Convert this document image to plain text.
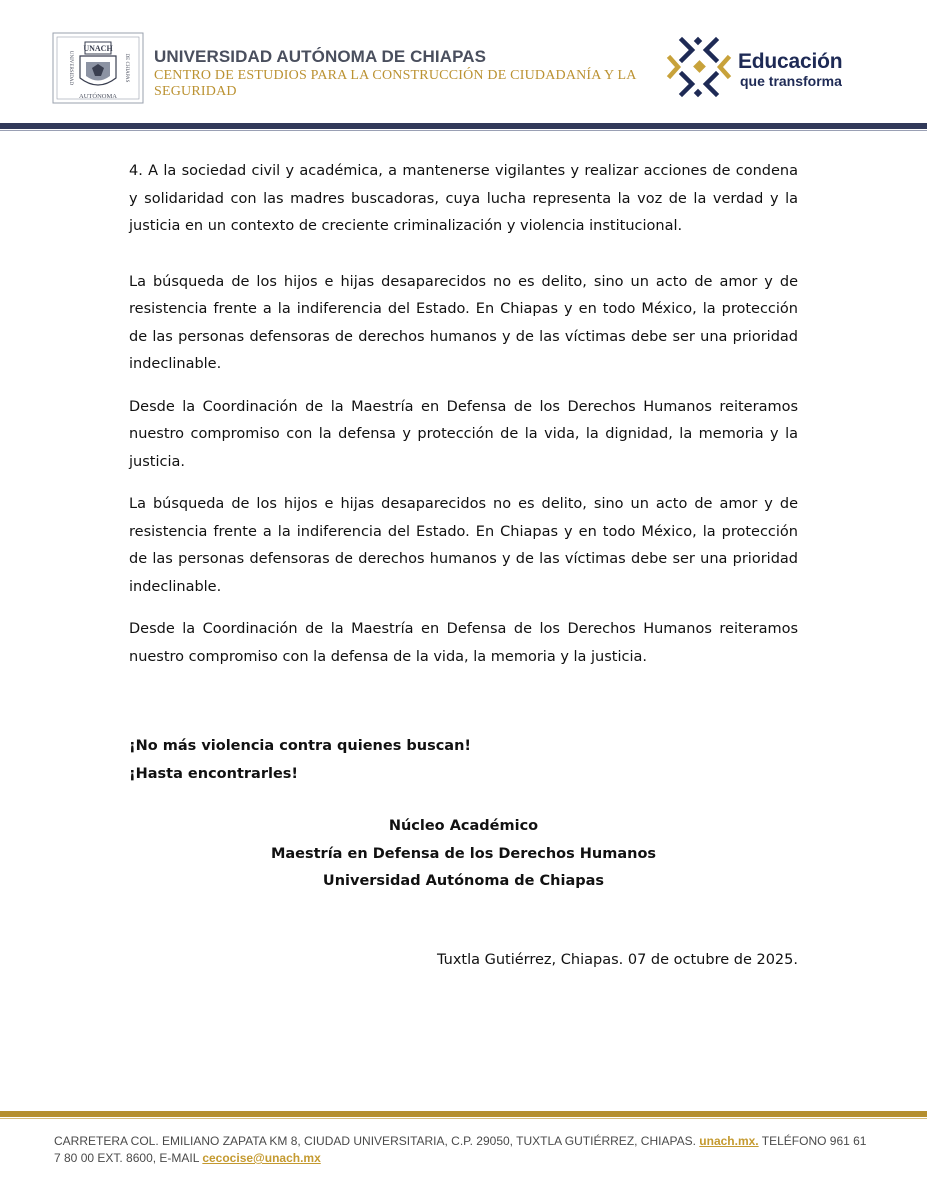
UNACH
AUTÓNOMA
UNIVERSIDAD	DE CHIAPAS UNIVERSIDAD AUTÓNOMA DE CHIAPAS
CENTRO DE ESTUDIOS PARA LA CONSTRUCCIÓN DE CIUDADANÍA Y LA SEGURIDAD
Educación
que transforma

4. A la sociedad civil y académica, a mantenerse vigilantes y realizar acciones de condena y solidaridad con las madres buscadoras, cuya lucha representa la voz de la verdad y la justicia en un contexto de creciente criminalización y violencia institucional.

La búsqueda de los hijos e hijas desaparecidos no es delito, sino un acto de amor y de resistencia frente a la indiferencia del Estado. En Chiapas y en todo México, la protección de las personas defensoras de derechos humanos y de las víctimas debe ser una prioridad indeclinable.

Desde la Coordinación de la Maestría en Defensa de los Derechos Humanos reiteramos nuestro compromiso con la defensa y protección de la vida, la dignidad, la memoria y la justicia.

La búsqueda de los hijos e hijas desaparecidos no es delito, sino un acto de amor y de resistencia frente a la indiferencia del Estado. En Chiapas y en todo México, la protección de las personas defensoras de derechos humanos y de las víctimas debe ser una prioridad indeclinable.

Desde la Coordinación de la Maestría en Defensa de los Derechos Humanos reiteramos nuestro compromiso con la defensa de la vida, la memoria y la justicia.

¡No más violencia contra quienes buscan!
¡Hasta encontrarles!
Núcleo Académico
Maestría en Defensa de los Derechos Humanos
Universidad Autónoma de Chiapas
Tuxtla Gutiérrez, Chiapas. 07 de octubre de 2025.
CARRETERA COL. EMILIANO ZAPATA KM 8, CIUDAD UNIVERSITARIA, C.P. 29050, TUXTLA GUTIÉRREZ, CHIAPAS. unach.mx. TELÉFONO 961 61 7 80 00 EXT. 8600, E-MAIL cecocise@unach.mx
